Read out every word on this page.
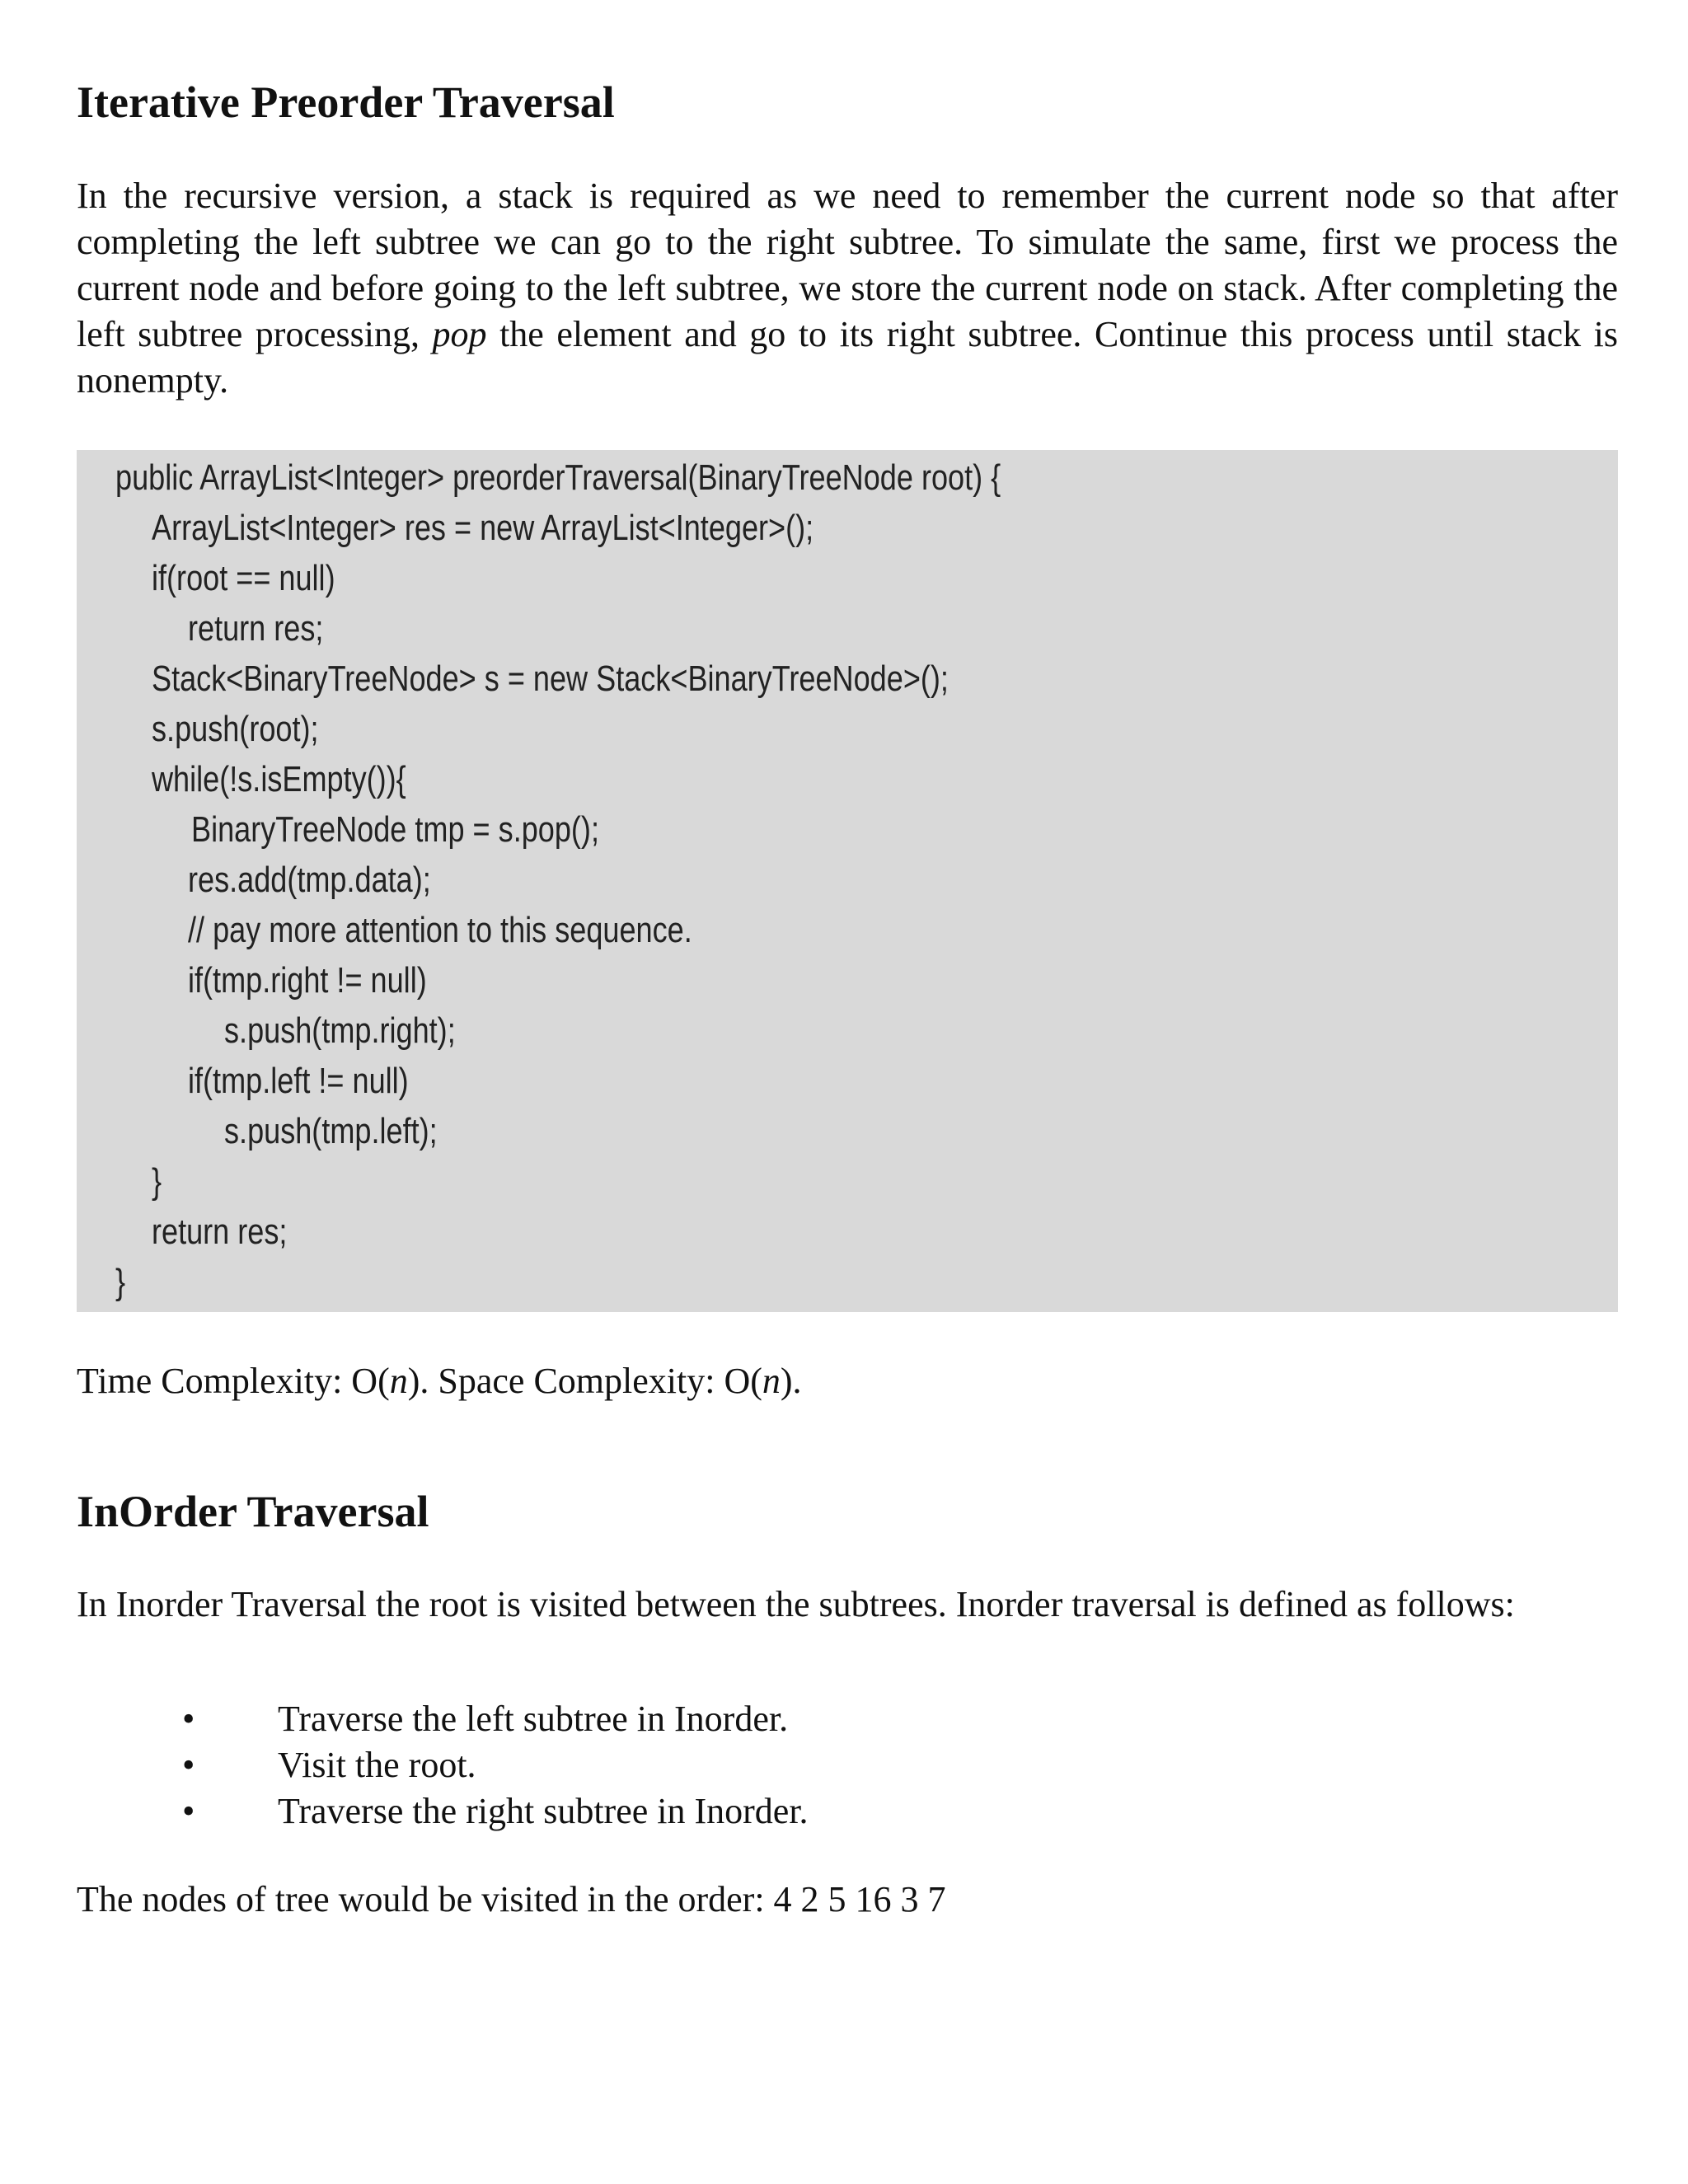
Iterative Preorder Traversal

In the recursive version, a stack is required as we need to remember the current node so that after completing the left subtree we can go to the right subtree. To simulate the same, first we process the current node and before going to the left subtree, we store the current node on stack. After completing the left subtree processing, pop the element and go to its right subtree. Continue this process until stack is nonempty.

public ArrayList<Integer> preorderTraversal(BinaryTreeNode root) {
ArrayList<Integer> res = new ArrayList<Integer>();
if(root == null)
return res;
Stack<BinaryTreeNode> s = new Stack<BinaryTreeNode>();
s.push(root);
while(!s.isEmpty()){
BinaryTreeNode tmp = s.pop();
res.add(tmp.data);
// pay more attention to this sequence.
if(tmp.right != null)
s.push(tmp.right);
if(tmp.left != null)
s.push(tmp.left);
}
return res;
}
Time Complexity: O(n). Space Complexity: O(n).
InOrder Traversal

In Inorder Traversal the root is visited between the subtrees. Inorder traversal is defined as follows:

• Traverse the left subtree in Inorder.
• Visit the root.
• Traverse the right subtree in Inorder.
The nodes of tree would be visited in the order: 4 2 5 16 3 7
